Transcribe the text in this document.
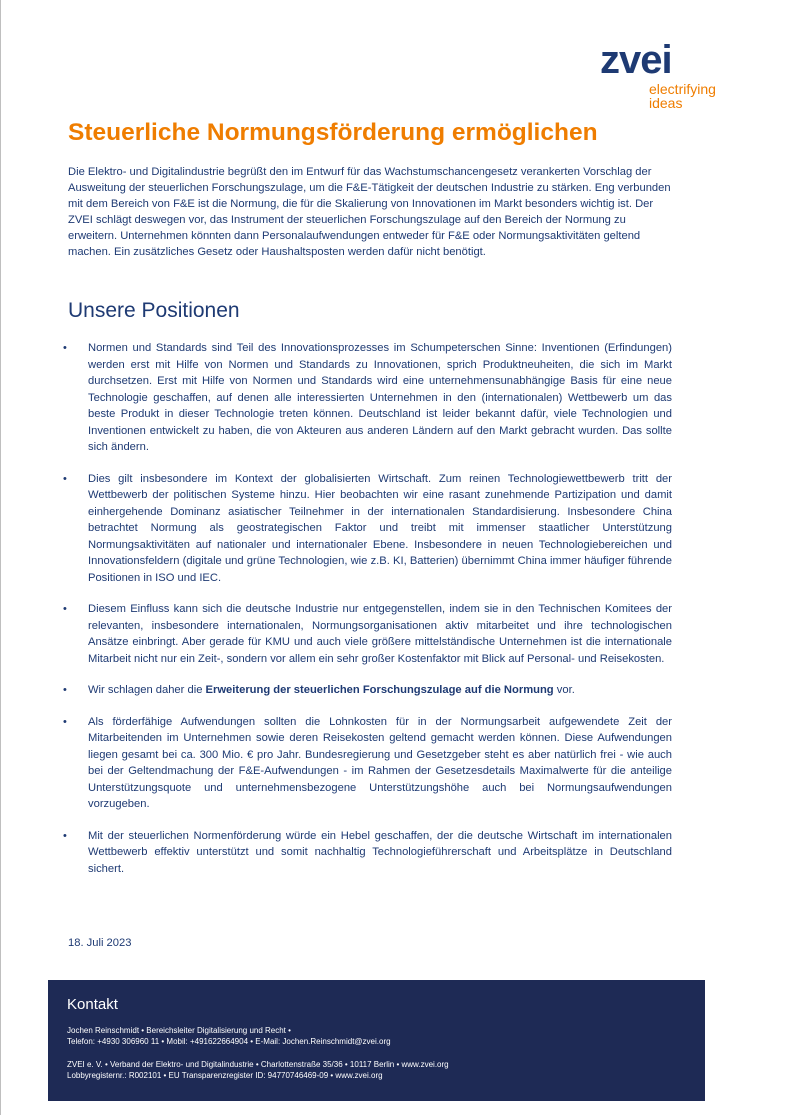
zvei
electrifying
ideas
Steuerliche Normungsförderung ermöglichen

Die Elektro- und Digitalindustrie begrüßt den im Entwurf für das Wachstumschancengesetz verankerten Vorschlag der Ausweitung der steuerlichen Forschungszulage, um die F&E-Tätigkeit der deutschen Industrie zu stärken. Eng verbunden mit dem Bereich von F&E ist die Normung, die für die Skalierung von Innovationen im Markt besonders wichtig ist. Der ZVEI schlägt deswegen vor, das Instrument der steuerlichen Forschungszulage auf den Bereich der Normung zu erweitern. Unternehmen könnten dann Personalaufwendungen entweder für F&E oder Normungsaktivitäten geltend machen. Ein zusätzliches Gesetz oder Haushaltsposten werden dafür nicht benötigt.

Unsere Positionen
• Normen und Standards sind Teil des Innovationsprozesses im Schumpeterschen Sinne: Inventionen (Erfindungen) werden erst mit Hilfe von Normen und Standards zu Innovationen, sprich Produktneuheiten, die sich im Markt durchsetzen. Erst mit Hilfe von Normen und Standards wird eine unternehmensunabhängige Basis für eine neue Technologie geschaffen, auf denen alle interessierten Unternehmen in den (internationalen) Wettbewerb um das beste Produkt in dieser Technologie treten können. Deutschland ist leider bekannt dafür, viele Technologien und Inventionen entwickelt zu haben, die von Akteuren aus anderen Ländern auf den Markt gebracht wurden. Das sollte sich ändern.
• Dies gilt insbesondere im Kontext der globalisierten Wirtschaft. Zum reinen Technologiewettbewerb tritt der Wettbewerb der politischen Systeme hinzu. Hier beobachten wir eine rasant zunehmende Partizipation und damit einhergehende Dominanz asiatischer Teilnehmer in der internationalen Standardisierung. Insbesondere China betrachtet Normung als geostrategischen Faktor und treibt mit immenser staatlicher Unterstützung Normungsaktivitäten auf nationaler und internationaler Ebene. Insbesondere in neuen Technologiebereichen und Innovationsfeldern (digitale und grüne Technologien, wie z.B. KI, Batterien) übernimmt China immer häufiger führende Positionen in ISO und IEC.
• Diesem Einfluss kann sich die deutsche Industrie nur entgegenstellen, indem sie in den Technischen Komitees der relevanten, insbesondere internationalen, Normungsorganisationen aktiv mitarbeitet und ihre technologischen Ansätze einbringt. Aber gerade für KMU und auch viele größere mittelständische Unternehmen ist die internationale Mitarbeit nicht nur ein Zeit-, sondern vor allem ein sehr großer Kostenfaktor mit Blick auf Personal- und Reisekosten.
• Wir schlagen daher die Erweiterung der steuerlichen Forschungszulage auf die Normung vor.
• Als förderfähige Aufwendungen sollten die Lohnkosten für in der Normungsarbeit aufgewendete Zeit der Mitarbeitenden im Unternehmen sowie deren Reisekosten geltend gemacht werden können. Diese Aufwendungen liegen gesamt bei ca. 300 Mio. € pro Jahr. Bundesregierung und Gesetzgeber steht es aber natürlich frei - wie auch bei der Geltendmachung der F&E-Aufwendungen - im Rahmen der Gesetzesdetails Maximalwerte für die anteilige Unterstützungsquote und unternehmensbezogene Unterstützungshöhe auch bei Normungsaufwendungen vorzugeben.
• Mit der steuerlichen Normenförderung würde ein Hebel geschaffen, der die deutsche Wirtschaft im internationalen Wettbewerb effektiv unterstützt und somit nachhaltig Technologieführerschaft und Arbeitsplätze in Deutschland sichert.

18. Juli 2023

Kontakt
Jochen Reinschmidt • Bereichsleiter Digitalisierung und Recht •
Telefon: +4930 306960 11 • Mobil: +491622664904 • E-Mail: Jochen.Reinschmidt@zvei.org
ZVEI e. V. • Verband der Elektro- und Digitalindustrie • Charlottenstraße 35/36 • 10117 Berlin • www.zvei.org
Lobbyregisternr.: R002101 • EU Transparenzregister ID: 94770746469-09 • www.zvei.org
